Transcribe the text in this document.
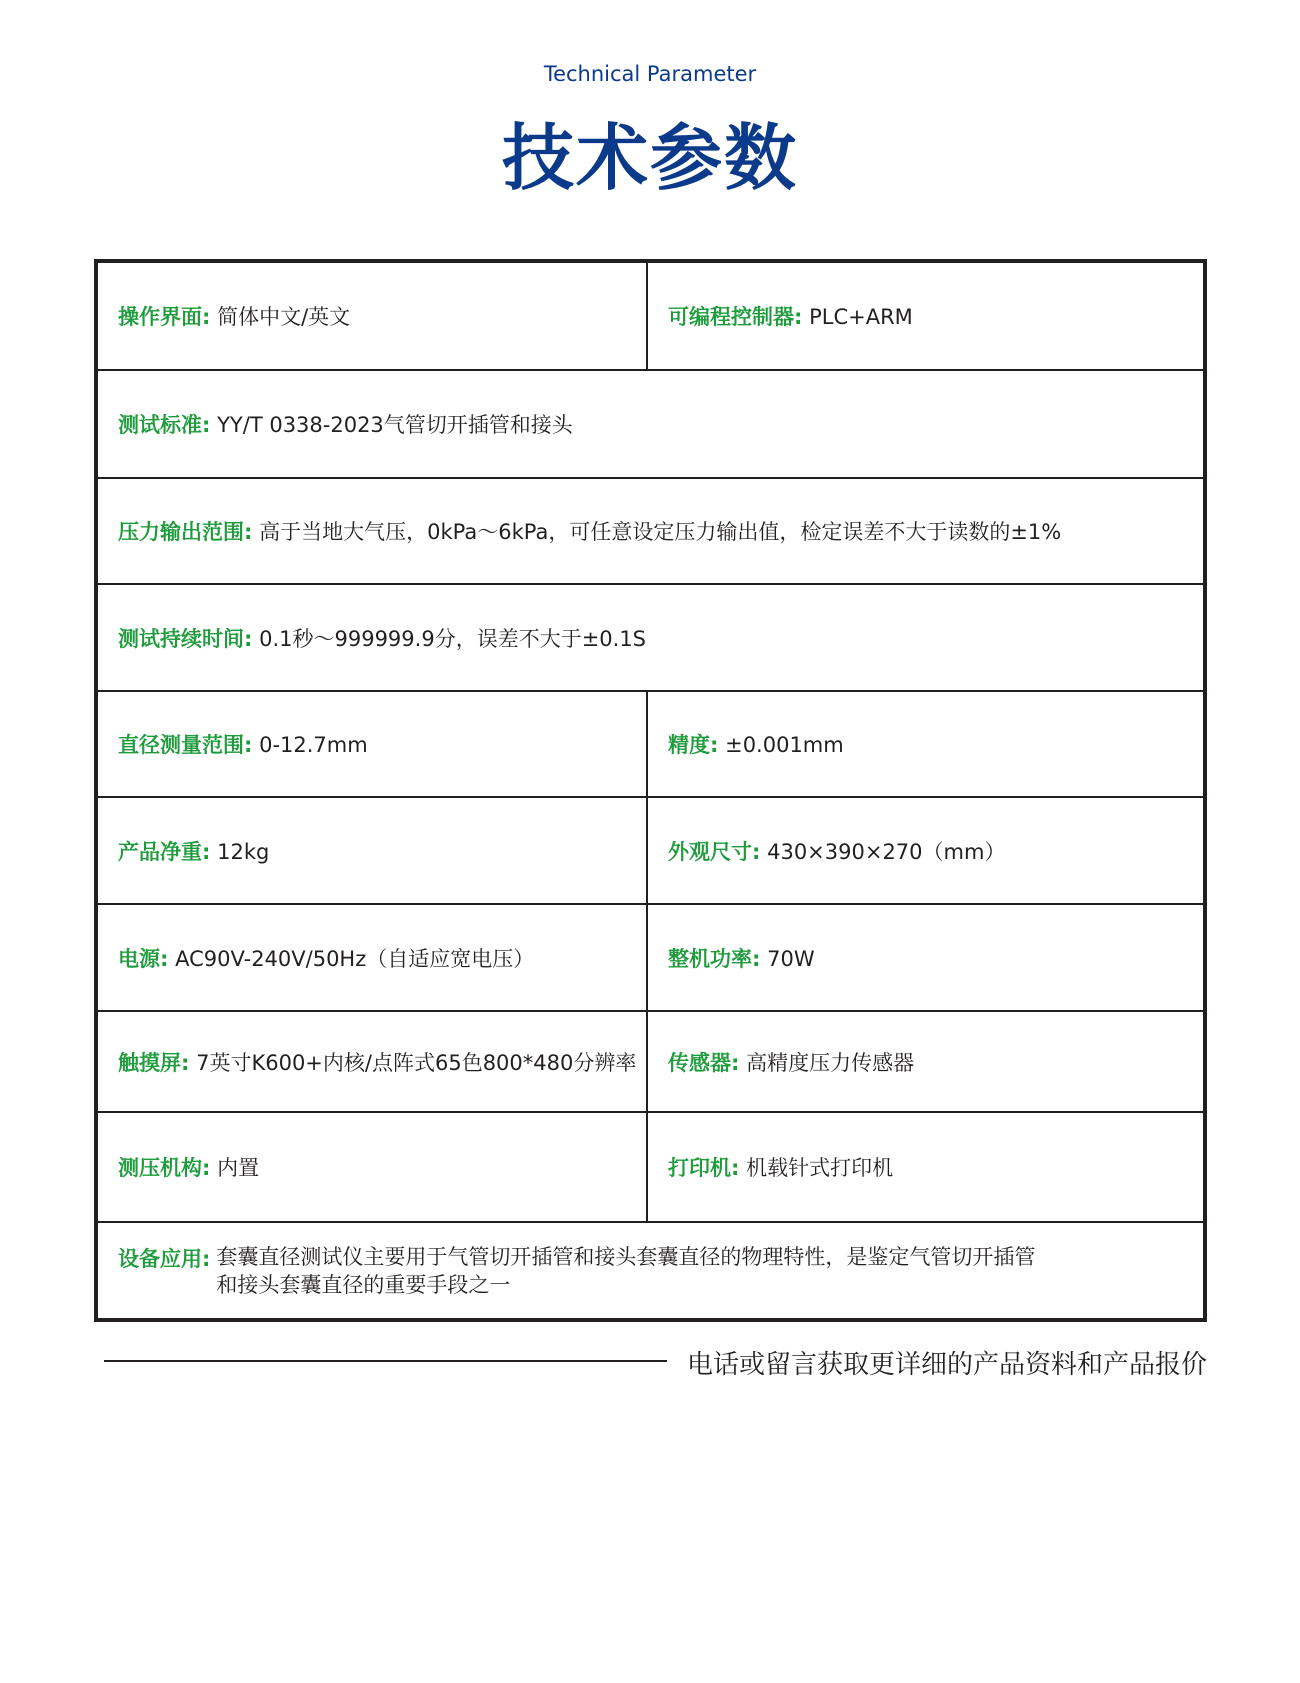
Technical Parameter
技术参数
操作界面: 简体中文/英文	可编程控制器: PLC+ARM
测试标准: YY/T 0338-2023气管切开插管和接头	
压力输出范围: 高于当地大气压，0kPa～6kPa，可任意设定压力输出值，检定误差不大于读数的±1%	
测试持续时间: 0.1秒～999999.9分，误差不大于±0.1S	
直径测量范围: 0-12.7mm	精度: ±0.001mm
产品净重: 12kg	外观尺寸: 430×390×270（mm）
电源: AC90V-240V/50Hz（自适应宽电压）	整机功率: 70W
触摸屏: 7英寸K600+内核/点阵式65色800*480分辨率	传感器: 高精度压力传感器
测压机构: 内置	打印机: 机载针式打印机

设备应用: 套囊直径测试仪主要用于气管切开插管和接头套囊直径的物理特性，是鉴定气管切开插管
和接头套囊直径的重要手段之一	
电话或留言获取更详细的产品资料和产品报价
